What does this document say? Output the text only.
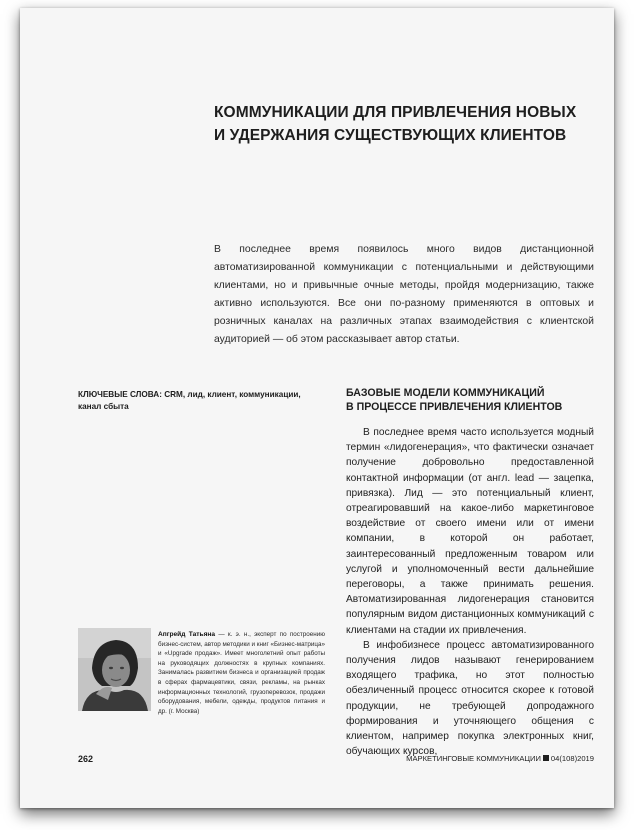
КОММУНИКАЦИИ ДЛЯ ПРИВЛЕЧЕНИЯ НОВЫХ
И УДЕРЖАНИЯ СУЩЕСТВУЮЩИХ КЛИЕНТОВ

В последнее время появилось много видов дистанционной автоматизированной коммуникации с потенциальными и действующими клиентами, но и привычные очные методы, пройдя модернизацию, также активно используются. Все они по-разному применяются в оптовых и розничных каналах на различных этапах взаимодействия с клиентской аудиторией — об этом рассказывает автор статьи.

КЛЮЧЕВЫЕ СЛОВА: CRM, лид, клиент, коммуникации, канал сбыта
БАЗОВЫЕ МОДЕЛИ КОММУНИКАЦИЙ
В ПРОЦЕССЕ ПРИВЛЕЧЕНИЯ КЛИЕНТОВ

В последнее время часто используется модный термин «лидогенерация», что фактически означает получение добровольно предоставленной контактной информации (от англ. lead — зацепка, привязка). Лид — это потенциальный клиент, отреагировавший на какое-либо маркетинговое воздействие от своего имени или от имени компании, в которой он работает, заинтересованный предложенным товаром или услугой и уполномоченный вести дальнейшие переговоры, а также принимать решения. Автоматизированная лидогенерация становится популярным видом дистанционных коммуникаций с клиентами на стадии их привлечения.

В инфобизнесе процесс автоматизированного получения лидов называют генерированием входящего трафика, но этот полностью обезличенный процесс относится скорее к готовой продукции, не требующей допродажного формирования и уточняющего общения с клиентом, например покупка электронных книг, обучающих курсов,

Апгрейд Татьяна — к. э. н., эксперт по построению бизнес-систем, автор методики и книг «Бизнес-матрица» и «Upgrade продаж». Имеет многолетний опыт работы на руководящих должностях в крупных компаниях. Занималась развитием бизнеса и организацией продаж в сферах фармацевтики, связи, рекламы, на рынках информационных технологий, грузоперевозок, продажи оборудования, мебели, одежды, продуктов питания и др. (г. Москва)
262	МАРКЕТИНГОВЫЕ КОММУНИКАЦИИ 04(108)2019
